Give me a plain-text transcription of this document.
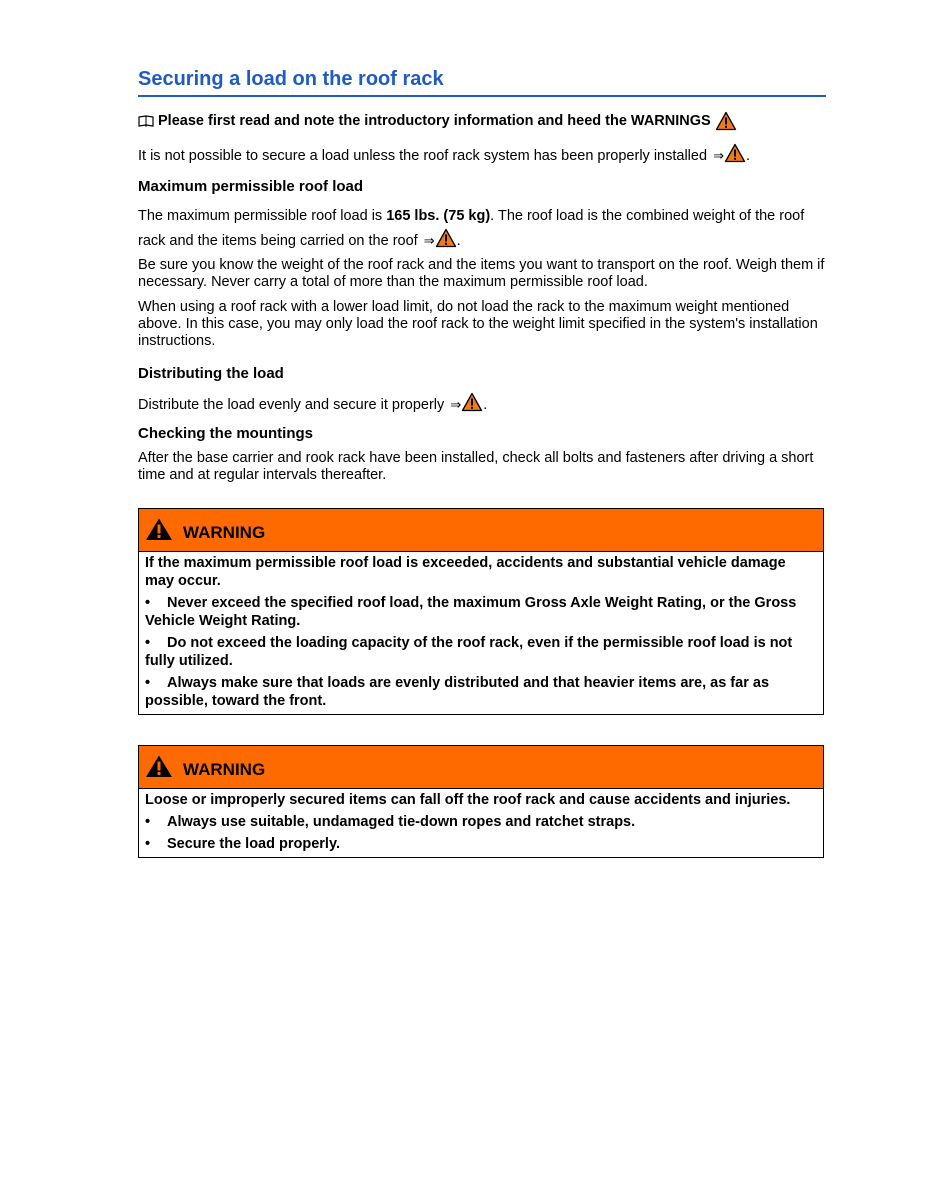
Securing a load on the roof rack
Please first read and note the introductory information and heed the WARNINGS

It is not possible to secure a load unless the roof rack system has been properly installed ⇒ .

Maximum permissible roof load

The maximum permissible roof load is 165 lbs. (75 kg). The roof load is the combined weight of the roof rack and the items being carried on the roof ⇒ .

Be sure you know the weight of the roof rack and the items you want to transport on the roof. Weigh them if necessary. Never carry a total of more than the maximum permissible roof load.

When using a roof rack with a lower load limit, do not load the rack to the maximum weight mentioned above. In this case, you may only load the roof rack to the weight limit specified in the system's installation instructions.

Distributing the load

Distribute the load evenly and secure it properly ⇒ .

Checking the mountings

After the base carrier and rook rack have been installed, check all bolts and fasteners after driving a short time and at regular intervals thereafter.

WARNING

If the maximum permissible roof load is exceeded, accidents and substantial vehicle damage may occur.

• Never exceed the specified roof load, the maximum Gross Axle Weight Rating, or the Gross Vehicle Weight Rating.

• Do not exceed the loading capacity of the roof rack, even if the permissible roof load is not fully utilized.

• Always make sure that loads are evenly distributed and that heavier items are, as far as possible, toward the front.

WARNING

Loose or improperly secured items can fall off the roof rack and cause accidents and injuries.

• Always use suitable, undamaged tie-down ropes and ratchet straps.

• Secure the load properly.
